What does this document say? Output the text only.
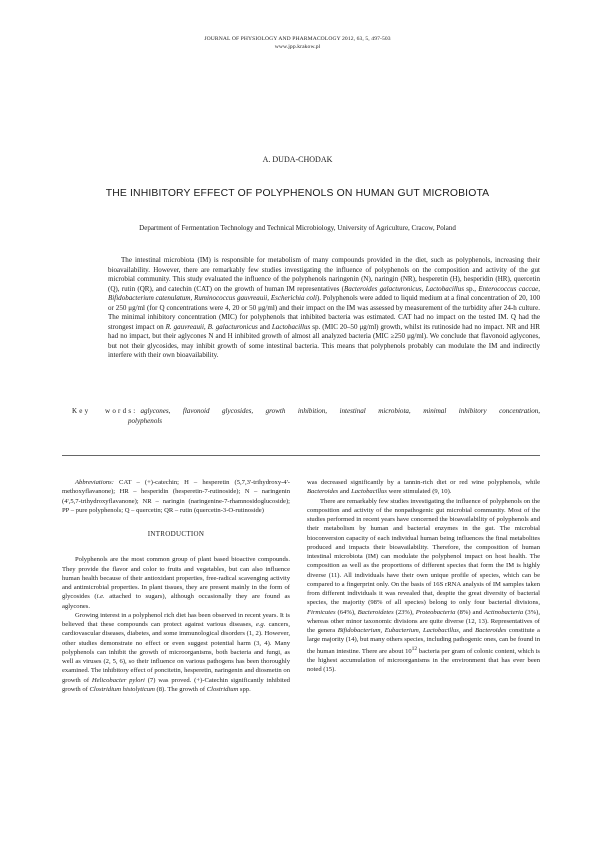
JOURNAL OF PHYSIOLOGY AND PHARMACOLOGY 2012, 63, 5, 497-503
www.jpp.krakow.pl
A. DUDA-CHODAK
THE INHIBITORY EFFECT OF POLYPHENOLS ON HUMAN GUT MICROBIOTA
Department of Fermentation Technology and Technical Microbiology, University of Agriculture, Cracow, Poland

The intestinal microbiota (IM) is responsible for metabolism of many compounds provided in the diet, such as polyphenols, increasing their bioavailability. However, there are remarkably few studies investigating the influence of polyphenols on the composition and activity of the gut microbial community. This study evaluated the influence of the polyphenols naringenin (N), naringin (NR), hesperetin (H), hesperidin (HR), quercetin (Q), rutin (QR), and catechin (CAT) on the growth of human IM representatives (Bacteroides galacturonicus, Lactobacillus sp., Enterococcus caccae, Bifidobacterium catenulatum, Ruminococcus gauvreauii, Escherichia coli). Polyphenols were added to liquid medium at a final concentration of 20, 100 or 250 μg/ml (for Q concentrations were 4, 20 or 50 μg/ml) and their impact on the IM was assessed by measurement of the turbidity after 24-h culture. The minimal inhibitory concentration (MIC) for polyphenols that inhibited bacteria was estimated. CAT had no impact on the tested IM. Q had the strongest impact on R. gauvreauii, B. galacturonicus and Lactobacillus sp. (MIC 20–50 μg/ml) growth, whilst its rutinoside had no impact. NR and HR had no impact, but their aglycones N and H inhibited growth of almost all analyzed bacteria (MIC ≥250 μg/ml). We conclude that flavonoid aglycones, but not their glycosides, may inhibit growth of some intestinal bacteria. This means that polyphenols probably can modulate the IM and indirectly interfere with their own bioavailability.

Key words: aglycones, flavonoid glycosides, growth inhibition, intestinal microbiota, minimal inhibitory concentration,
polyphenols

Abbreviations: CAT – (+)-catechin; H – hesperetin (5,7,3'-trihydroxy-4'-methoxyflavanone); HR – hesperidin (hesperetin-7-rutinoside); N – naringenin (4',5,7-trihydroxyflavanone); NR – naringin (naringenine-7-rhamnosidoglucoside); PP – pure polyphenols; Q – quercetin; QR – rutin (quercetin-3-O-rutinoside)

INTRODUCTION

Polyphenols are the most common group of plant based bioactive compounds. They provide the flavor and color to fruits and vegetables, but can also influence human health because of their antioxidant properties, free-radical scavenging activity and antimicrobial properties. In plant tissues, they are present mainly in the form of glycosides (i.e. attached to sugars), although occasionally they are found as aglycones.

Growing interest in a polyphenol rich diet has been observed in recent years. It is believed that these compounds can protect against various diseases, e.g. cancers, cardiovascular diseases, diabetes, and some immunological disorders (1, 2). However, other studies demonstrate no effect or even suggest potential harm (3, 4). Many polyphenols can inhibit the growth of microorganisms, both bacteria and fungi, as well as viruses (2, 5, 6), so their influence on various pathogens has been thoroughly examined. The inhibitory effect of poncitetin, hesperetin, naringenin and diosmetin on growth of Helicobacter pylori (7) was proved. (+)-Catechin significantly inhibited growth of Clostridium histolyticum (8). The growth of Clostridium spp.

was decreased significantly by a tannin-rich diet or red wine polyphenols, while Bacteroides and Lactobacillus were stimulated (9, 10).

There are remarkably few studies investigating the influence of polyphenols on the composition and activity of the nonpathogenic gut microbial community. Most of the studies performed in recent years have concerned the bioavailability of polyphenols and their metabolism by human and bacterial enzymes in the gut. The microbial bioconversion capacity of each individual human being influences the final metabolites produced and impacts their bioavailability. Therefore, the composition of human intestinal microbiota (IM) can modulate the polyphenol impact on host health. The composition as well as the proportions of different species that form the IM is highly diverse (11). All individuals have their own unique profile of species, which can be compared to a fingerprint only. On the basis of 16S rRNA analysis of IM samples taken from different individuals it was revealed that, despite the great diversity of bacterial species, the majority (98% of all species) belong to only four bacterial divisions, Firmicutes (64%), Bacteroidetes (23%), Proteobacteria (8%) and Actinobacteria (3%), whereas other minor taxonomic divisions are quite diverse (12, 13). Representatives of the genera Bifidobacterium, Eubacterium, Lactobacillus, and Bacteroides constitute a large majority (14), but many others species, including pathogenic ones, can be found in the human intestine. There are about $10^{12}$ bacteria per gram of colonic content, which is the highest accumulation of microorganisms in the environment that has ever been noted (15).
